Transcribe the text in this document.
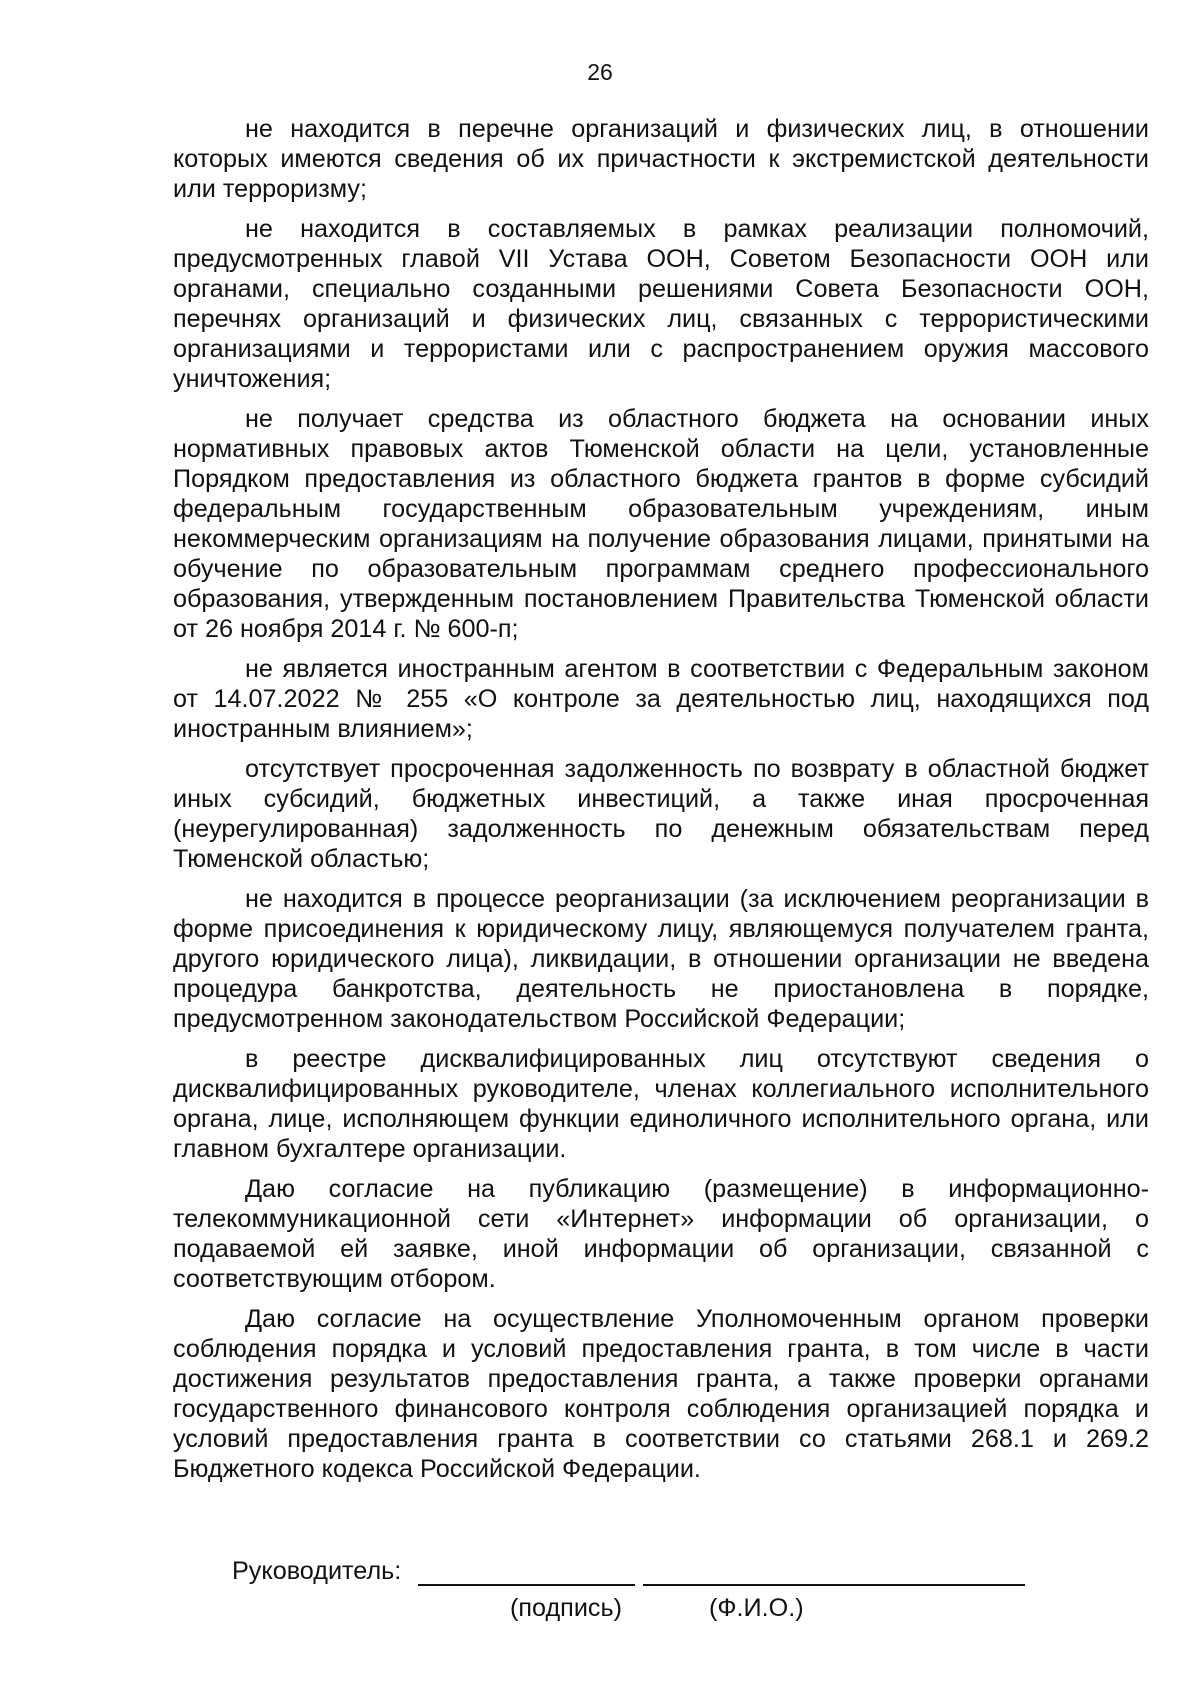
26

не находится в перечне организаций и физических лиц, в отношении которых имеются сведения об их причастности к экстремистской деятельности или терроризму;

не находится в составляемых в рамках реализации полномочий, предусмотренных главой VII Устава ООН, Советом Безопасности ООН или органами, специально созданными решениями Совета Безопасности ООН, перечнях организаций и физических лиц, связанных с террористическими организациями и террористами или с распространением оружия массового уничтожения;

не получает средства из областного бюджета на основании иных нормативных правовых актов Тюменской области на цели, установленные Порядком предоставления из областного бюджета грантов в форме субсидий федеральным государственным образовательным учреждениям, иным некоммерческим организациям на получение образования лицами, принятыми на обучение по образовательным программам среднего профессионального образования, утвержденным постановлением Правительства Тюменской области от 26 ноября 2014 г. № 600-п;

не является иностранным агентом в соответствии с Федеральным законом от 14.07.2022 № 255 «О контроле за деятельностью лиц, находящихся под иностранным влиянием»;

отсутствует просроченная задолженность по возврату в областной бюджет иных субсидий, бюджетных инвестиций, а также иная просроченная (неурегулированная) задолженность по денежным обязательствам перед Тюменской областью;

не находится в процессе реорганизации (за исключением реорганизации в форме присоединения к юридическому лицу, являющемуся получателем гранта, другого юридического лица), ликвидации, в отношении организации не введена процедура банкротства, деятельность не приостановлена в порядке, предусмотренном законодательством Российской Федерации;

в реестре дисквалифицированных лиц отсутствуют сведения о дисквалифицированных руководителе, членах коллегиального исполнительного органа, лице, исполняющем функции единоличного исполнительного органа, или главном бухгалтере организации.

Даю согласие на публикацию (размещение) в информационно-телекоммуникационной сети «Интернет» информации об организации, о подаваемой ей заявке, иной информации об организации, связанной с соответствующим отбором.

Даю согласие на осуществление Уполномоченным органом проверки соблюдения порядка и условий предоставления гранта, в том числе в части достижения результатов предоставления гранта, а также проверки органами государственного финансового контроля соблюдения организацией порядка и условий предоставления гранта в соответствии со статьями 268.1 и 269.2 Бюджетного кодекса Российской Федерации.

Руководитель:
(подпись)	(Ф.И.О.)
